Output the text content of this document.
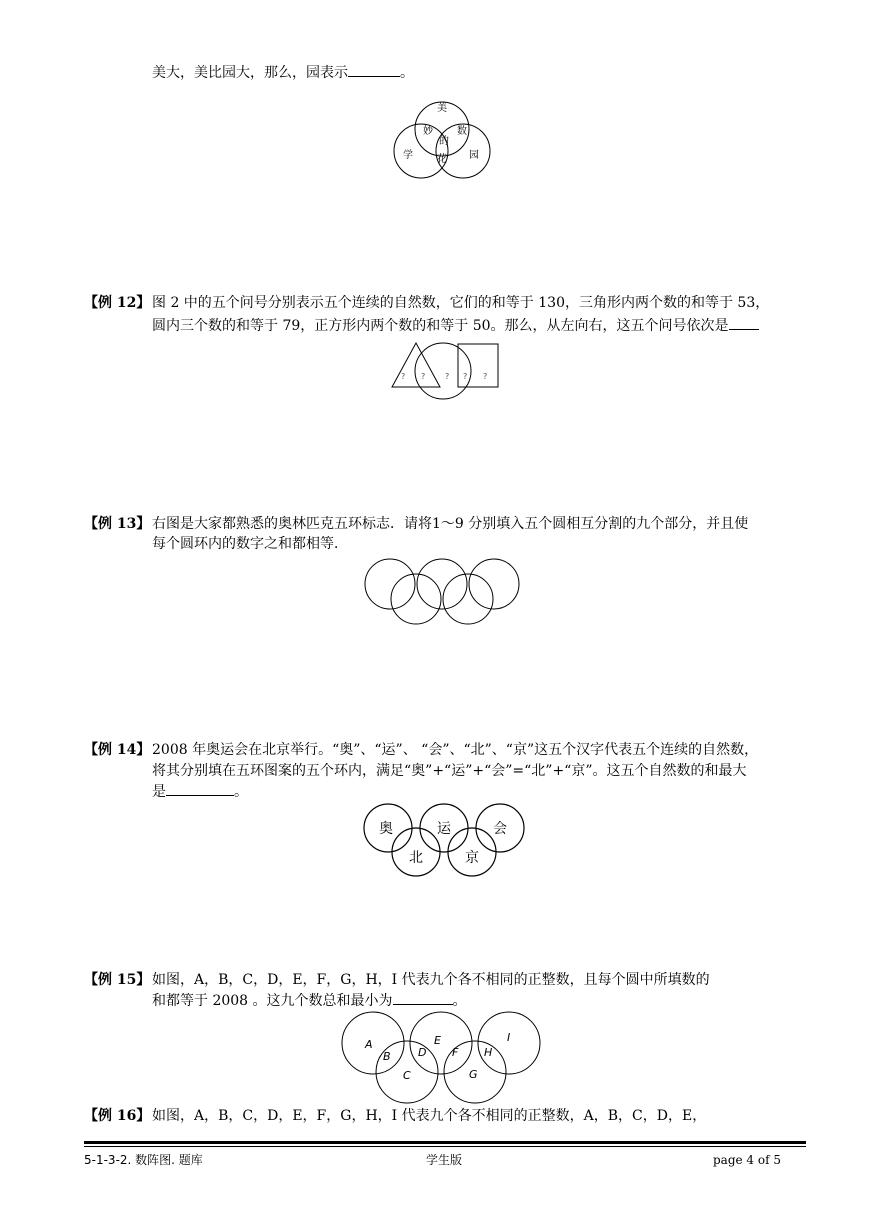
美大，美比园大，那么，园表示	。
美
妙 数
的
学 花 园
【例 12】 图 2 中的五个问号分别表示五个连续的自然数，它们的和等于 130，三角形内两个数的和等于 53，
圆内三个数的和等于 79，正方形内两个数的和等于 50。那么，从左向右，这五个问号依次是
? ? ? ? ?
【例 13】 右图是大家都熟悉的奥林匹克五环标志．请将1～9 分别填入五个圆相互分割的九个部分，并且使
每个圆环内的数字之和都相等．
【例 14】 2008 年奥运会在北京举行。“奥”、“运”、 “会”、“北”、“京”这五个汉字代表五个连续的自然数，
将其分别填在五环图案的五个环内，满足“奥”+“运”+“会”=“北”+“京”。这五个自然数的和最大
是	。
奥	运	会
北	京
【例 15】 如图，A，B，C，D，E，F，G，H，I 代表九个各不相同的正整数，且每个圆中所填数的
和都等于 2008 。这九个数总和最小为	。
A
B
C
D
E
F
G
H
I
【例 16】 如图，A，B，C，D，E，F，G，H，I 代表九个各不相同的正整数，A，B，C，D，E，
5-1-3-2. 数阵图. 题库	学生版	page 4 of 5
